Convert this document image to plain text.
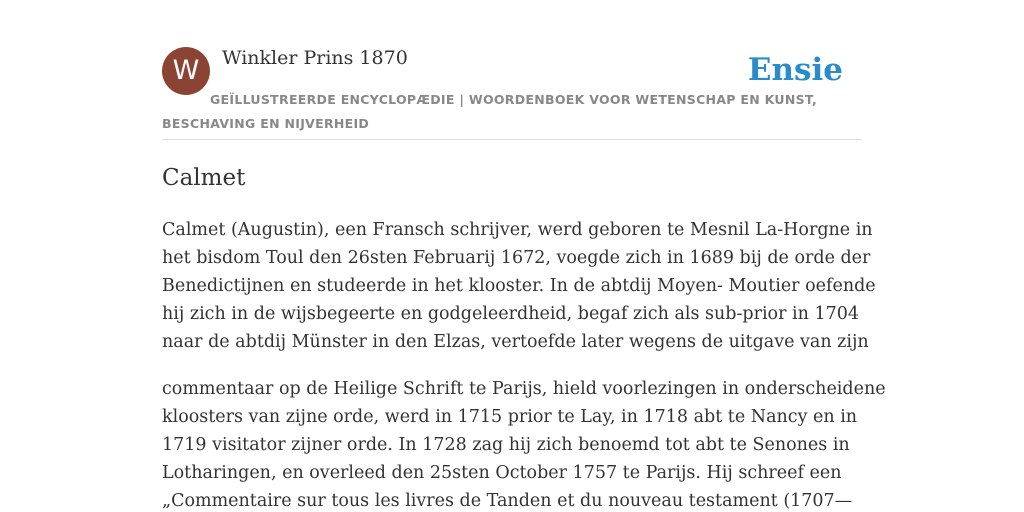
W	Winkler Prins 1870	Ensie
GEÏLLUSTREERDE ENCYCLOPÆDIE | WOORDENBOEK VOOR WETENSCHAP EN KUNST, BESCHAVING EN NIJVERHEID
Calmet

Calmet (Augustin), een Fransch schrijver, werd geboren te Mesnil La-Horgne in
het bisdom Toul den 26sten Februarij 1672, voegde zich in 1689 bij de orde der
Benedictijnen en studeerde in het klooster. In de abtdij Moyen- Moutier oefende
hij zich in de wijsbegeerte en godgeleerdheid, begaf zich als sub-prior in 1704
naar de abtdij Münster in den Elzas, vertoefde later wegens de uitgave van zijn

commentaar op de Heilige Schrift te Parijs, hield voorlezingen in onderscheidene
kloosters van zijne orde, werd in 1715 prior te Lay, in 1718 abt te Nancy en in
1719 visitator zijner orde. In 1728 zag hij zich benoemd tot abt te Senones in
Lotharingen, en overleed den 25sten October 1757 te Parijs. Hij schreef een
„Commentaire sur tous les livres de Tanden et du nouveau testament (1707—
